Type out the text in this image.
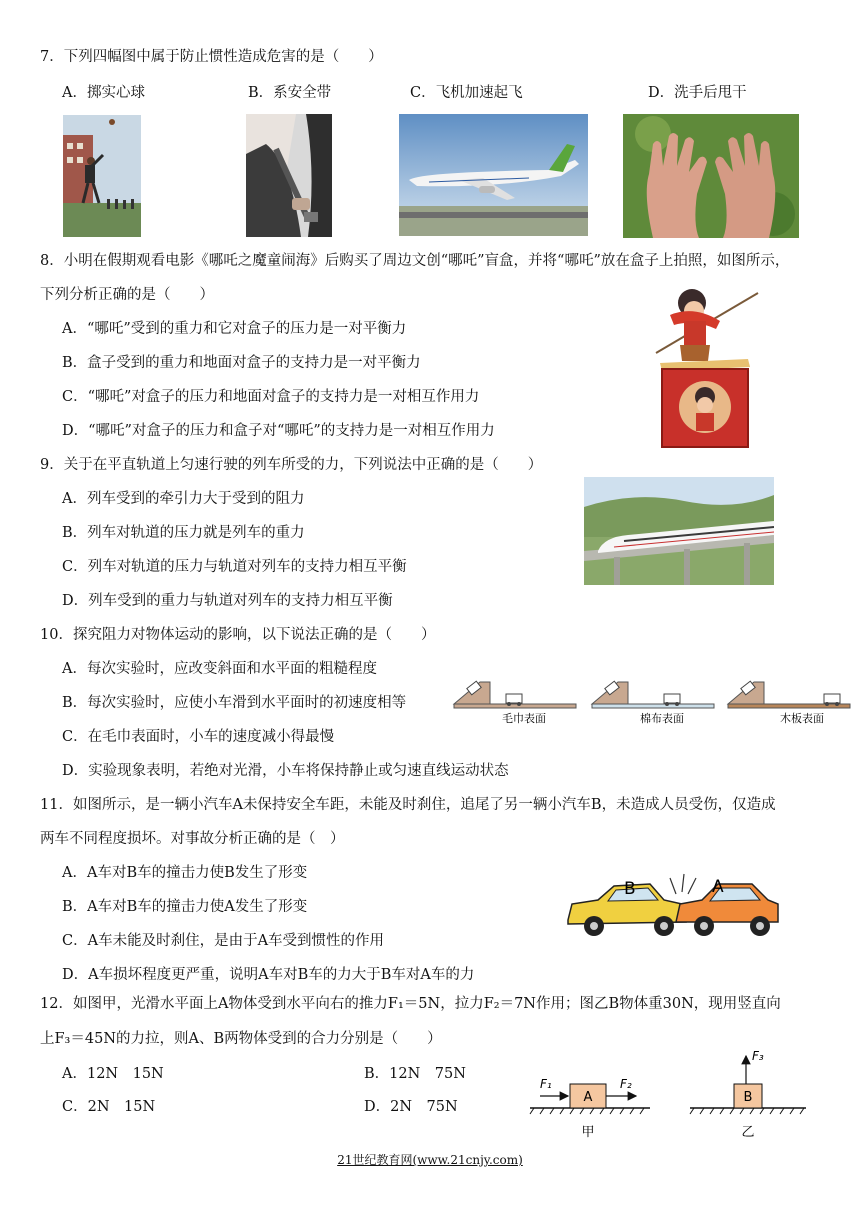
7．下列四幅图中属于防止惯性造成危害的是（　　）
A．掷实心球	B．系安全带	C．飞机加速起飞	D．洗手后甩干
8．小明在假期观看电影《哪吒之魔童闹海》后购买了周边文创“哪吒”盲盒，并将“哪吒”放在盒子上拍照，如图所示，
下列分析正确的是（　　）
A．“哪吒”受到的重力和它对盒子的压力是一对平衡力
B．盒子受到的重力和地面对盒子的支持力是一对平衡力
C．“哪吒”对盒子的压力和地面对盒子的支持力是一对相互作用力
D．“哪吒”对盒子的压力和盒子对“哪吒”的支持力是一对相互作用力
9．关于在平直轨道上匀速行驶的列车所受的力，下列说法中正确的是（　　）
A．列车受到的牵引力大于受到的阻力
B．列车对轨道的压力就是列车的重力
C．列车对轨道的压力与轨道对列车的支持力相互平衡
D．列车受到的重力与轨道对列车的支持力相互平衡
10．探究阻力对物体运动的影响，以下说法正确的是（　　）
A．每次实验时，应改变斜面和水平面的粗糙程度
B．每次实验时，应使小车滑到水平面时的初速度相等
C．在毛巾表面时，小车的速度减小得最慢
D．实验现象表明，若绝对光滑，小车将保持静止或匀速直线运动状态
毛巾表面	棉布表面	木板表面
11．如图所示，是一辆小汽车A未保持安全车距，未能及时刹住，追尾了另一辆小汽车B，未造成人员受伤，仅造成
两车不同程度损坏。对事故分析正确的是（　）
A．A车对B车的撞击力使B发生了形变
B．A车对B车的撞击力使A发生了形变
C．A车未能及时刹住，是由于A车受到惯性的作用
D．A车损坏程度更严重，说明A车对B车的力大于B车对A车的力
B	A
12．如图甲，光滑水平面上A物体受到水平向右的推力F₁＝5N，拉力F₂＝7N作用；图乙B物体重30N，现用竖直向
上F₃＝45N的力拉，则A、B两物体受到的合力分别是（　　）
A．12N　15N	B．12N　75N
C．2N　15N	D．2N　75N
A
F₁	F₂
甲
B
F₃
乙
21世纪教育网(www.21cnjy.com)
